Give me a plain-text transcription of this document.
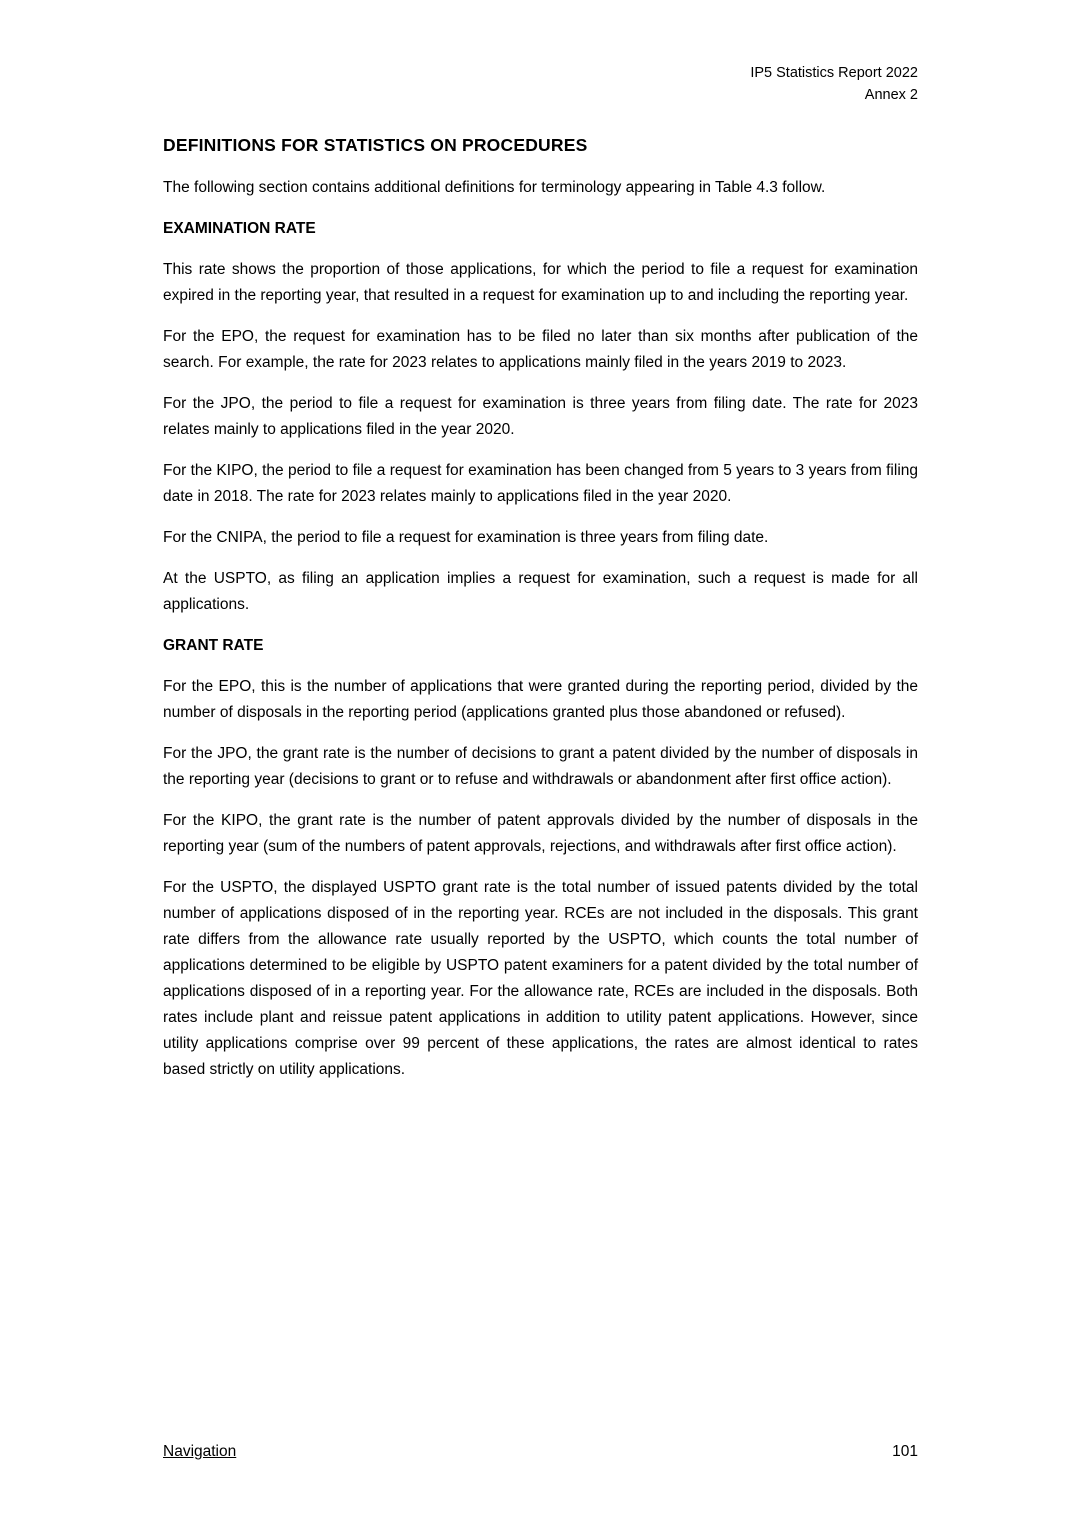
IP5 Statistics Report 2022
Annex 2
DEFINITIONS FOR STATISTICS ON PROCEDURES

The following section contains additional definitions for terminology appearing in Table 4.3 follow.

EXAMINATION RATE

This rate shows the proportion of those applications, for which the period to file a request for examination expired in the reporting year, that resulted in a request for examination up to and including the reporting year.

For the EPO, the request for examination has to be filed no later than six months after publication of the search. For example, the rate for 2023 relates to applications mainly filed in the years 2019 to 2023.

For the JPO, the period to file a request for examination is three years from filing date. The rate for 2023 relates mainly to applications filed in the year 2020.

For the KIPO, the period to file a request for examination has been changed from 5 years to 3 years from filing date in 2018. The rate for 2023 relates mainly to applications filed in the year 2020.

For the CNIPA, the period to file a request for examination is three years from filing date.

At the USPTO, as filing an application implies a request for examination, such a request is made for all applications.

GRANT RATE

For the EPO, this is the number of applications that were granted during the reporting period, divided by the number of disposals in the reporting period (applications granted plus those abandoned or refused).

For the JPO, the grant rate is the number of decisions to grant a patent divided by the number of disposals in the reporting year (decisions to grant or to refuse and withdrawals or abandonment after first office action).

For the KIPO, the grant rate is the number of patent approvals divided by the number of disposals in the reporting year (sum of the numbers of patent approvals, rejections, and withdrawals after first office action).

For the USPTO, the displayed USPTO grant rate is the total number of issued patents divided by the total number of applications disposed of in the reporting year. RCEs are not included in the disposals. This grant rate differs from the allowance rate usually reported by the USPTO, which counts the total number of applications determined to be eligible by USPTO patent examiners for a patent divided by the total number of applications disposed of in a reporting year. For the allowance rate, RCEs are included in the disposals. Both rates include plant and reissue patent applications in addition to utility patent applications. However, since utility applications comprise over 99 percent of these applications, the rates are almost identical to rates based strictly on utility applications.

Navigation	101
